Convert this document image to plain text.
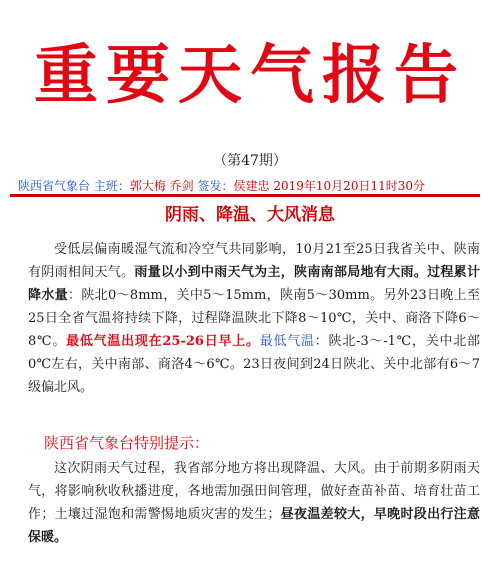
重要天气报告
（第47期）
陕西省气象台 主班：郭大梅 乔剑 签发：侯建忠 2019年10月20日11时30分
阴雨、降温、大风消息

受低层偏南暖湿气流和冷空气共同影响，10月21至25日我省关中、陕南有阴雨相间天气。雨量以小到中雨天气为主，陕南南部局地有大雨。过程累计降水量：陕北0～8mm，关中5～15mm，陕南5～30mm。另外23日晚上至25日全省气温将持续下降，过程降温陕北下降8～10℃，关中、商洛下降6～8℃。最低气温出现在25-26日早上。最低气温：陕北-3～-1℃，关中北部0℃左右，关中南部、商洛4～6℃。23日夜间到24日陕北、关中北部有6～7级偏北风。

陕西省气象台特别提示：

这次阴雨天气过程，我省部分地方将出现降温、大风。由于前期多阴雨天气，将影响秋收秋播进度，各地需加强田间管理，做好查苗补苗、培育壮苗工作；土壤过湿饱和需警惕地质灾害的发生；昼夜温差较大，早晚时段出行注意保暖。
